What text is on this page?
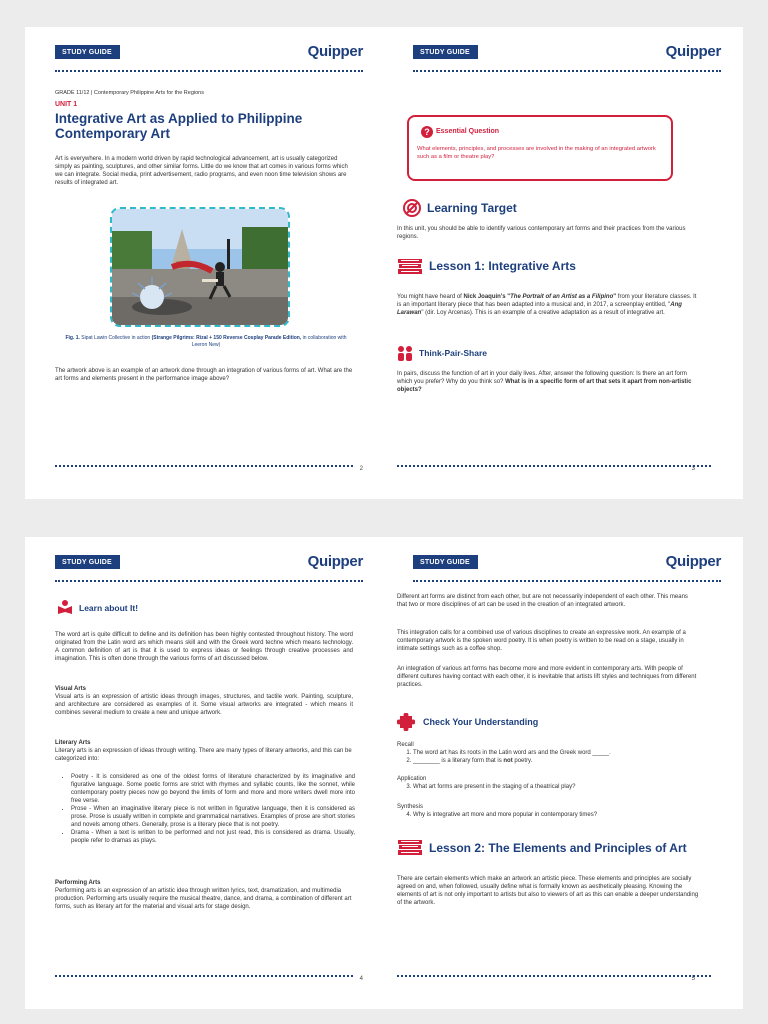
STUDY GUIDE	Quipper
GRADE 11/12 | Contemporary Philippine Arts for the Regions
UNIT 1
Integrative Art as Applied to Philippine Contemporary Art
Art is everywhere. In a modern world driven by rapid technological advancement, art is usually categorized simply as painting, sculptures, and other similar forms. Little do we know that art comes in various forms which we can integrate. Social media, print advertisement, radio programs, and even noon time television shows are results of integrated art.
Fig. 1. Sipat Lawin Collective in action (Strange Pilgrims: Rizal + 150 Reverse Cosplay Parade Edition, in collaboration with Leeron New)
The artwork above is an example of an artwork done through an integration of various forms of art. What are the art forms and elements present in the performance image above?
2
STUDY GUIDE	Quipper
? Essential Question
What elements, principles, and processes are involved in the making of an integrated artwork such as a film or theatre play?
Learning Target
In this unit, you should be able to identify various contemporary art forms and their practices from the various regions.
Lesson 1: Integrative Arts
You might have heard of Nick Joaquin's "The Portrait of an Artist as a Filipino" from your literature classes. It is an important literary piece that has been adapted into a musical and, in 2017, a screenplay entitled, "Ang Larawan" (dir. Loy Arcenas). This is an example of a creative adaptation as a result of integrative art.
Think-Pair-Share
In pairs, discuss the function of art in your daily lives. After, answer the following question: Is there an art form which you prefer? Why do you think so? What is in a specific form of art that sets it apart from non-artistic objects?
3
STUDY GUIDE	Quipper
Learn about It!
The word art is quite difficult to define and its definition has been highly contested throughout history. The word originated from the Latin word ars which means skill and with the Greek word techne which means technology. A common definition of art is that it is used to express ideas or feelings through creative processes and imagination. This is often done through the various forms of art discussed below.
Visual Arts
Visual arts is an expression of artistic ideas through images, structures, and tactile work. Painting, sculpture, and architecture are considered as examples of it. Some visual artworks are integrated - which means it combines several medium to create a new and unique artwork.
Literary Arts
Literary arts is an expression of ideas through writing. There are many types of literary artworks, and this can be categorized into:
• Poetry - It is considered as one of the oldest forms of literature characterized by its imaginative and figurative language. Some poetic forms are strict with rhymes and syllabic counts, like the sonnet, while contemporary poetry pieces now go beyond the limits of form and more and more writers dwell more into free verse.
• Prose - When an imaginative literary piece is not written in figurative language, then it is considered as prose. Prose is usually written in complete and grammatical narratives. Examples of prose are short stories and novels among others. Generally, prose is a literary piece that is not poetry.
• Drama - When a text is written to be performed and not just read, this is considered as drama. Usually, people refer to dramas as plays.
Performing Arts
Performing arts is an expression of an artistic idea through written lyrics, text, dramatization, and multimedia production. Performing arts usually require the musical theatre, dance, and drama, a combination of different art forms, such as literary art for the material and visual arts for stage design.
4
STUDY GUIDE	Quipper
Different art forms are distinct from each other, but are not necessarily independent of each other. This means that two or more disciplines of art can be used in the creation of an integrated artwork.
This integration calls for a combined use of various disciplines to create an expressive work. An example of a contemporary artwork is the spoken word poetry. It is when poetry is written to be read on a stage, usually in intimate settings such as a coffee shop.
An integration of various art forms has become more and more evident in contemporary arts. With people of different cultures having contact with each other, it is inevitable that artists lift styles and techniques from different practices.
Check Your Understanding
Recall
1. The word art has its roots in the Latin word ars and the Greek word _____.
2. ________ is a literary form that is not poetry.
Application
3. What art forms are present in the staging of a theatrical play?
Synthesis
4. Why is integrative art more and more popular in contemporary times?
Lesson 2: The Elements and Principles of Art
There are certain elements which make an artwork an artistic piece. These elements and principles are socially agreed on and, when followed, usually define what is formally known as aesthetically pleasing. Knowing the elements of art is not only important to artists but also to viewers of art as this can enable a deeper understanding of the artwork.
5
